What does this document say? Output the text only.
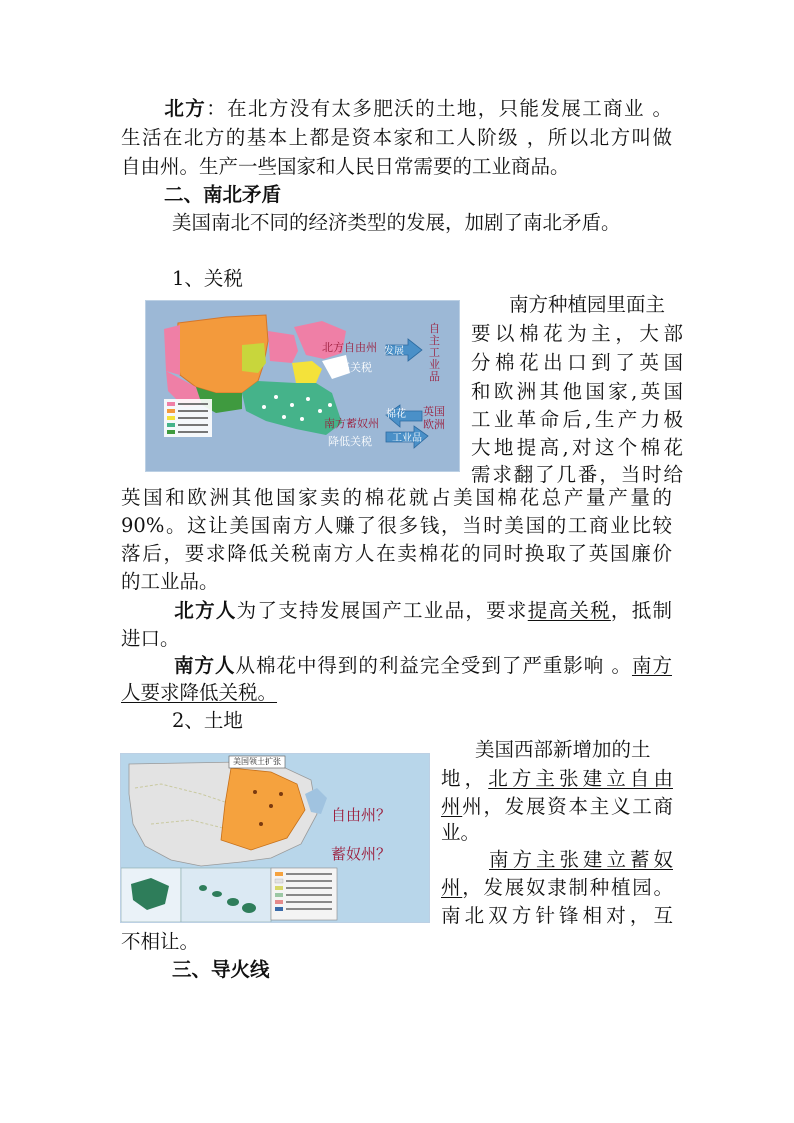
北方：在北方没有太多肥沃的土地，只能发展工商业 。
生活在北方的基本上都是资本家和工人阶级 ，所以北方叫做
自由州。生产一些国家和人民日常需要的工业商品。
二、南北矛盾
美国南北不同的经济类型的发展，加剧了南北矛盾。
1、关税
北方自由州
提高关税
发展
自主工业品
南方蓄奴州
降低关税
棉花 英国欧洲
工业品
南方种植园里面主
要以棉花为主，大部
分棉花出口到了英国
和欧洲其他国家,英国
工业革命后,生产力极
大地提高,对这个棉花
需求翻了几番，当时给
英国和欧洲其他国家卖的棉花就占美国棉花总产量产量的
90%。这让美国南方人赚了很多钱，当时美国的工商业比较
落后，要求降低关税南方人在卖棉花的同时换取了英国廉价
的工业品。
北方人为了支持发展国产工业品，要求提高关税，抵制
进口。
南方人从棉花中得到的利益完全受到了严重影响 。南方
人要求降低关税。
2、土地
美国领土扩张
自由州？
蓄奴州？
美国西部新增加的土
地，北方主张建立自由
州州，发展资本主义工商
业。
南方主张建立蓄奴
州，发展奴隶制种植园。
南北双方针锋相对，互
不相让。
三、导火线
